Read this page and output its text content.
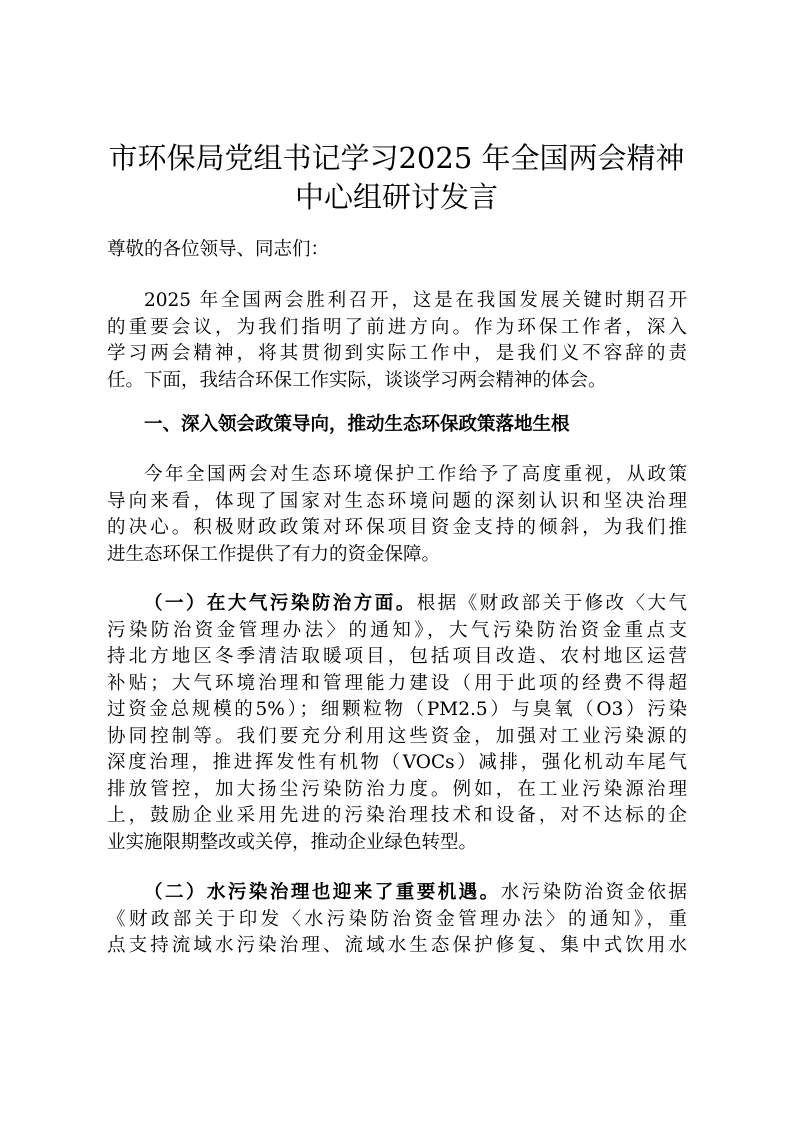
市环保局党组书记学习2025 年全国两会精神
中心组研讨发言
尊敬的各位领导、同志们：
2025 年全国两会胜利召开，这是在我国发展关键时期召开
的重要会议，为我们指明了前进方向。作为环保工作者，深入
学习两会精神，将其贯彻到实际工作中，是我们义不容辞的责
任。下面，我结合环保工作实际，谈谈学习两会精神的体会。
一、深入领会政策导向，推动生态环保政策落地生根
今年全国两会对生态环境保护工作给予了高度重视，从政策
导向来看，体现了国家对生态环境问题的深刻认识和坚决治理
的决心。积极财政政策对环保项目资金支持的倾斜，为我们推
进生态环保工作提供了有力的资金保障。
（一）在大气污染防治方面。根据《财政部关于修改〈大气
污染防治资金管理办法〉的通知》，大气污染防治资金重点支
持北方地区冬季清洁取暖项目，包括项目改造、农村地区运营
补贴；大气环境治理和管理能力建设（用于此项的经费不得超
过资金总规模的5%）；细颗粒物（PM2.5）与臭氧（O3）污染
协同控制等。我们要充分利用这些资金，加强对工业污染源的
深度治理，推进挥发性有机物（VOCs）减排，强化机动车尾气
排放管控，加大扬尘污染防治力度。例如，在工业污染源治理
上，鼓励企业采用先进的污染治理技术和设备，对不达标的企
业实施限期整改或关停，推动企业绿色转型。
（二）水污染治理也迎来了重要机遇。水污染防治资金依据
《财政部关于印发〈水污染防治资金管理办法〉的通知》，重
点支持流域水污染治理、流域水生态保护修复、集中式饮用水
